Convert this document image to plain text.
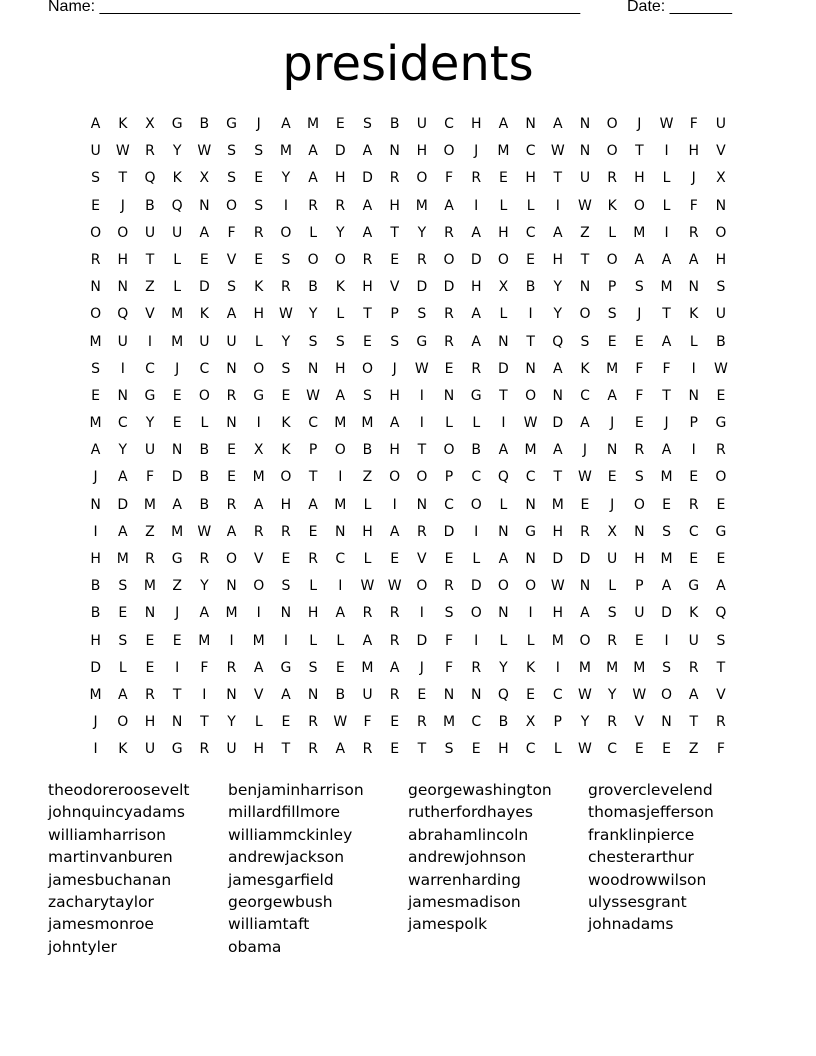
Name: ______________________________________________________	Date: _______
presidents
A	K	X	G	B	G	J	A	M	E	S	B	U	C	H	A	N	A	N	O	J	W	F	U
U	W	R	Y	W	S	S	M	A	D	A	N	H	O	J	M	C	W	N	O	T	I	H	V
S	T	Q	K	X	S	E	Y	A	H	D	R	O	F	R	E	H	T	U	R	H	L	J	X
E	J	B	Q	N	O	S	I	R	R	A	H	M	A	I	L	L	I	W	K	O	L	F	N
O	O	U	U	A	F	R	O	L	Y	A	T	Y	R	A	H	C	A	Z	L	M	I	R	O
R	H	T	L	E	V	E	S	O	O	R	E	R	O	D	O	E	H	T	O	A	A	A	H
N	N	Z	L	D	S	K	R	B	K	H	V	D	D	H	X	B	Y	N	P	S	M	N	S
O	Q	V	M	K	A	H	W	Y	L	T	P	S	R	A	L	I	Y	O	S	J	T	K	U
M	U	I	M	U	U	L	Y	S	S	E	S	G	R	A	N	T	Q	S	E	E	A	L	B
S	I	C	J	C	N	O	S	N	H	O	J	W	E	R	D	N	A	K	M	F	F	I	W
E	N	G	E	O	R	G	E	W	A	S	H	I	N	G	T	O	N	C	A	F	T	N	E
M	C	Y	E	L	N	I	K	C	M	M	A	I	L	L	I	W	D	A	J	E	J	P	G
A	Y	U	N	B	E	X	K	P	O	B	H	T	O	B	A	M	A	J	N	R	A	I	R
J	A	F	D	B	E	M	O	T	I	Z	O	O	P	C	Q	C	T	W	E	S	M	E	O
N	D	M	A	B	R	A	H	A	M	L	I	N	C	O	L	N	M	E	J	O	E	R	E
I	A	Z	M	W	A	R	R	E	N	H	A	R	D	I	N	G	H	R	X	N	S	C	G
H	M	R	G	R	O	V	E	R	C	L	E	V	E	L	A	N	D	D	U	H	M	E	E
B	S	M	Z	Y	N	O	S	L	I	W W	O	R	D	O	O	W	N	L	P	A	G	A
B	E	N	J	A	M	I	N	H	A	R	R	I	S	O	N	I	H	A	S	U	D	K	Q
H	S	E	E	M	I	M	I	L	L	A	R	D	F	I	L	L	M	O	R	E	I	U	S
D	L	E	I	F	R	A	G	S	E	M	A	J	F	R	Y	K	I	M	M	M	S	R	T
M	A	R	T	I	N	V	A	N	B	U	R	E	N	N	Q	E	C	W	Y	W	O	A	V
J	O	H	N	T	Y	L	E	R	W	F	E	R	M	C	B	X	P	Y	R	V	N	T	R
I	K	U	G	R	U	H	T	R	A	R	E	T	S	E	H	C	L	W	C	E	E	Z	F
theodoreroosevelt	benjaminharrison	georgewashington	groverclevelend
johnquincyadams	millardfillmore	rutherfordhayes	thomasjefferson
williamharrison	williammckinley	abrahamlincoln	franklinpierce
martinvanburen	andrewjackson	andrewjohnson	chesterarthur
jamesbuchanan	jamesgarfield	warrenharding	woodrowwilson
zacharytaylor	georgewbush	jamesmadison	ulyssesgrant
jamesmonroe	williamtaft	jamespolk	johnadams
johntyler	obama
